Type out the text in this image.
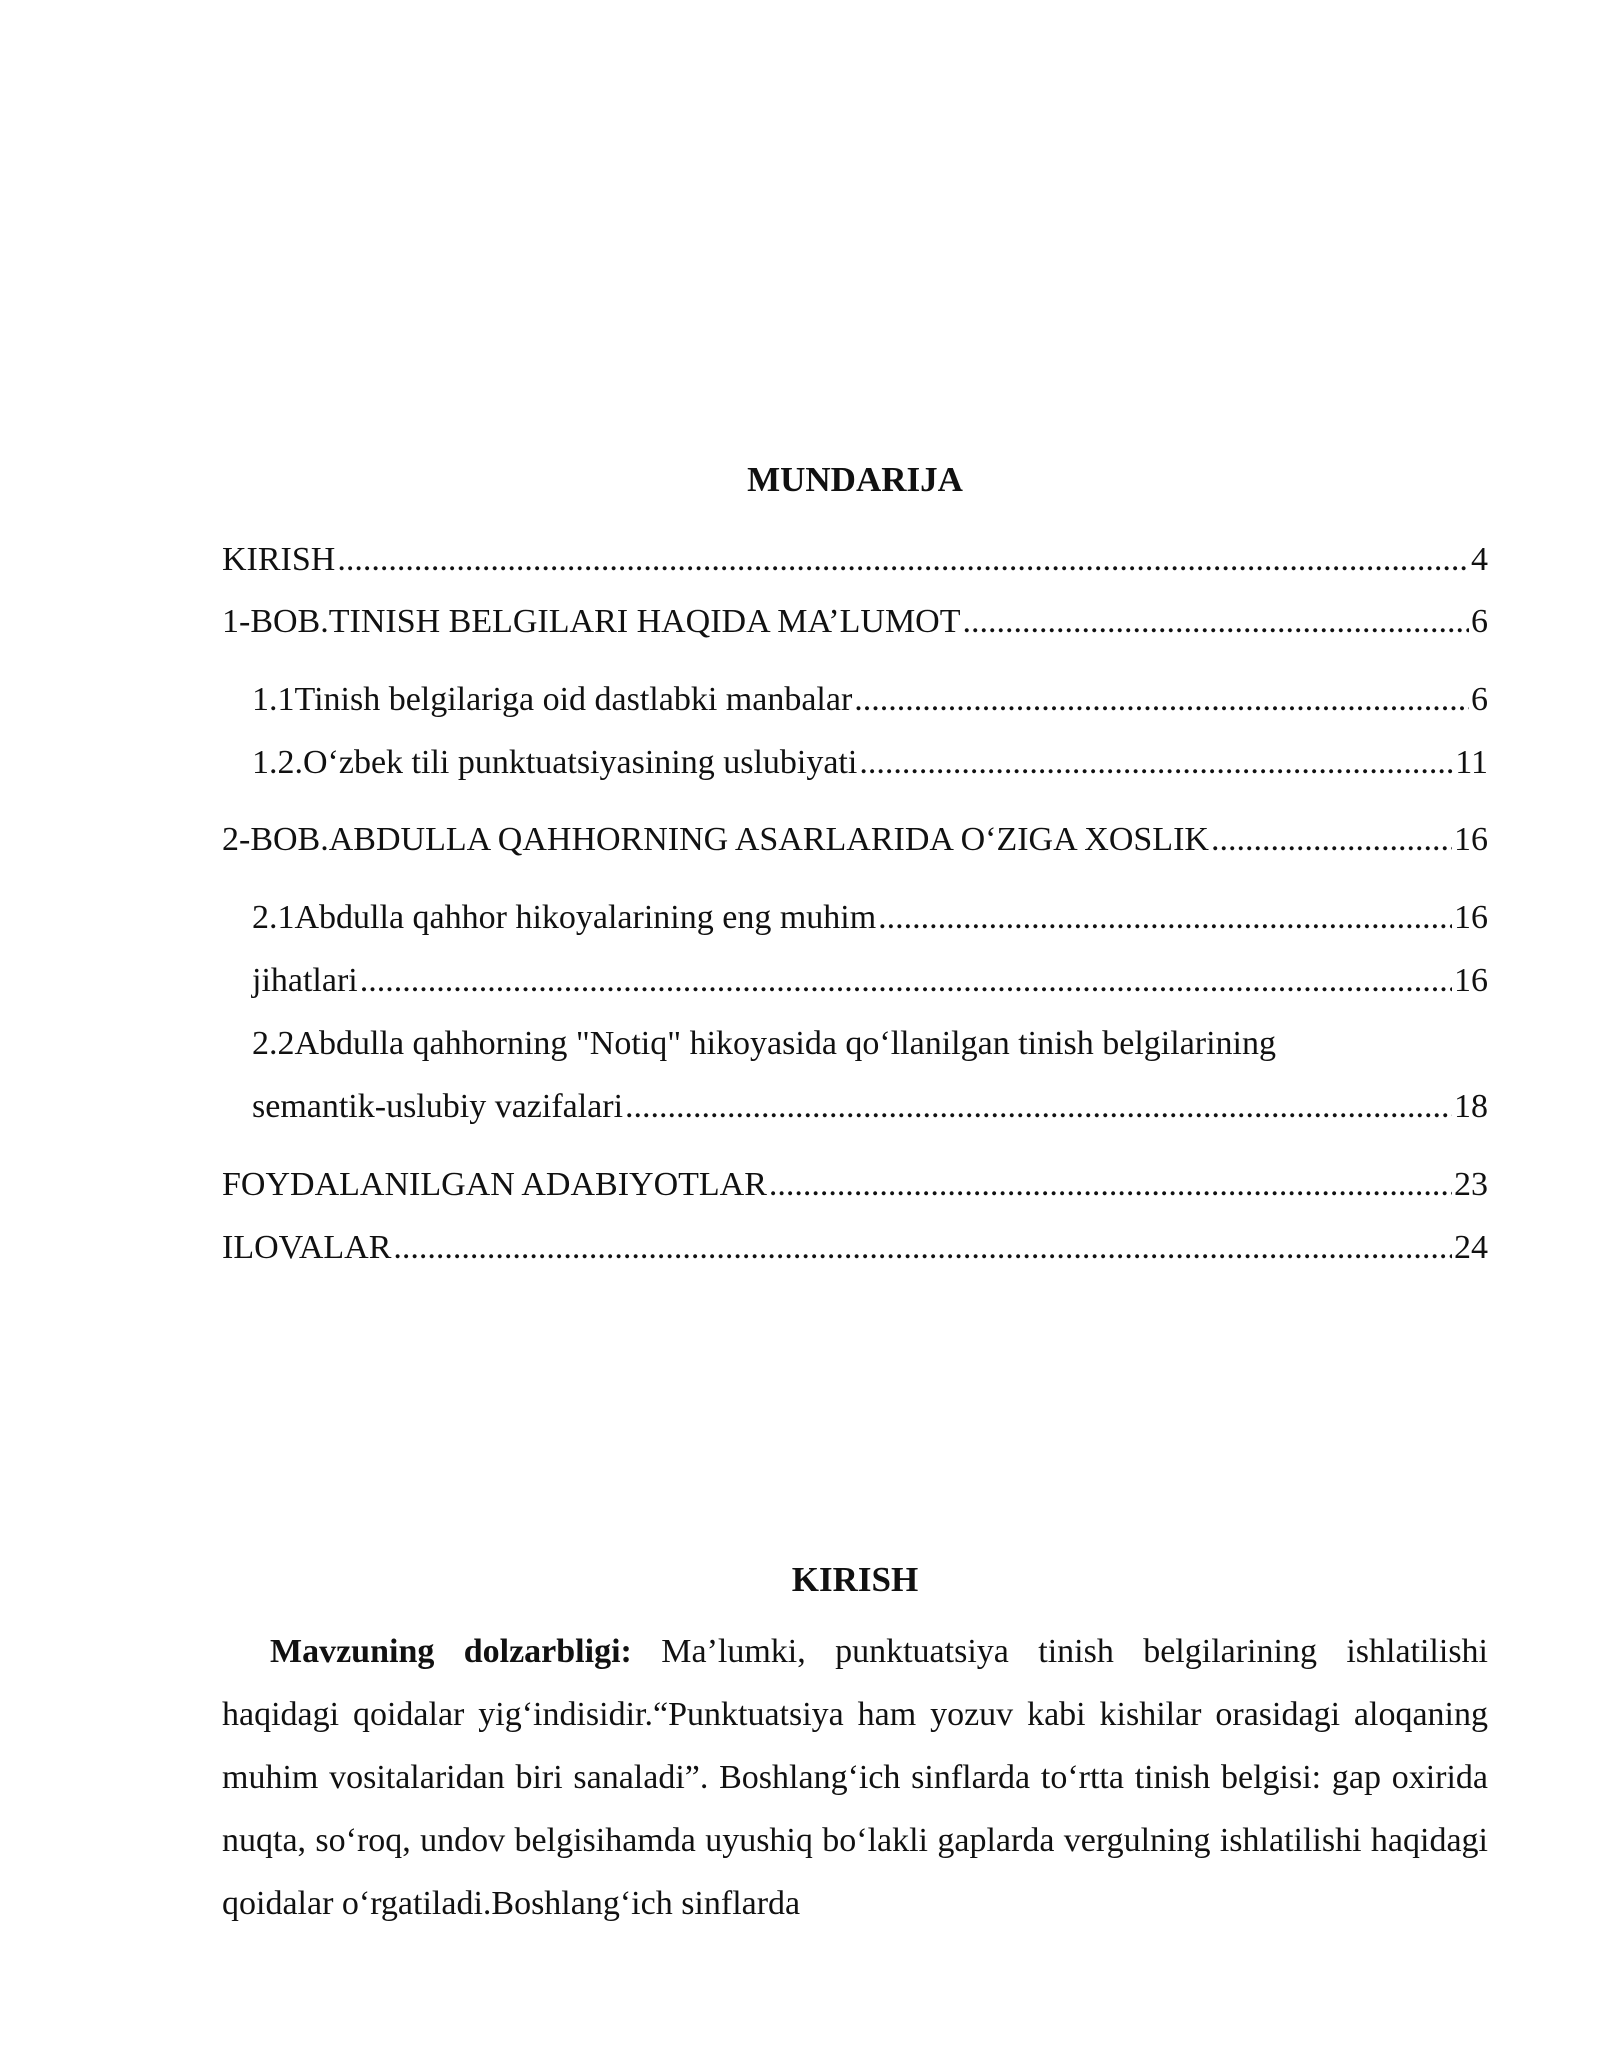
MUNDARIJA
KIRISH .....	4
1-BOB.TINISH BELGILARI HAQIDA MA’LUMOT .....	6
1.1Tinish belgilariga oid dastlabki manbalar .....	6
1.2.O‘zbek tili punktuatsiyasining uslubiyati .....	11
2-BOB.ABDULLA QAHHORNING ASARLARIDA O‘ZIGA XOSLIK .....	16
2.1Abdulla qahhor hikoyalarining eng muhim .....	16
jihatlari .....	16
2.2Abdulla qahhorning "Notiq" hikoyasida qo‘llanilgan tinish belgilarining
semantik-uslubiy vazifalari .....	18
FOYDALANILGAN ADABIYOTLAR .....	23
ILOVALAR .....	24
KIRISH

Mavzuning dolzarbligi: Ma’lumki, punktuatsiya tinish belgilarining ishlatilishi haqidagi qoidalar yig‘indisidir.“Punktuatsiya ham yozuv kabi kishilar orasidagi aloqaning muhim vositalaridan biri sanaladi”. Boshlang‘ich sinflarda to‘rtta tinish belgisi: gap oxirida nuqta, so‘roq, undov belgisihamda uyushiq bo‘lakli gaplarda vergulning ishlatilishi haqidagi qoidalar o‘rgatiladi.Boshlang‘ich sinflarda
